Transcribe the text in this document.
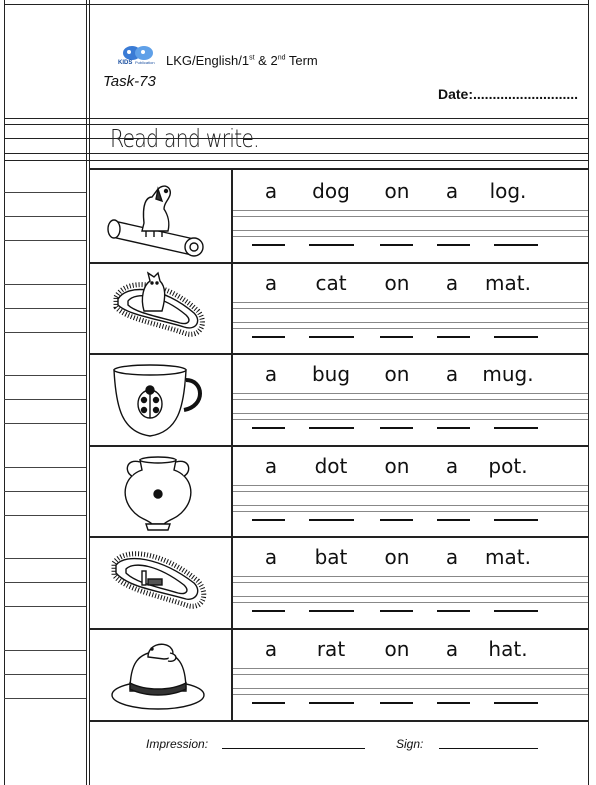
KIDS Publication LKG/English/1st & 2nd Term
Task-73
Date:...........................
Read and write.
a dog on a log.
a cat on a mat.
a bug on a mug.
a dot on a pot.
a bat on a mat.
a rat on a hat.
Impression:	Sign:
